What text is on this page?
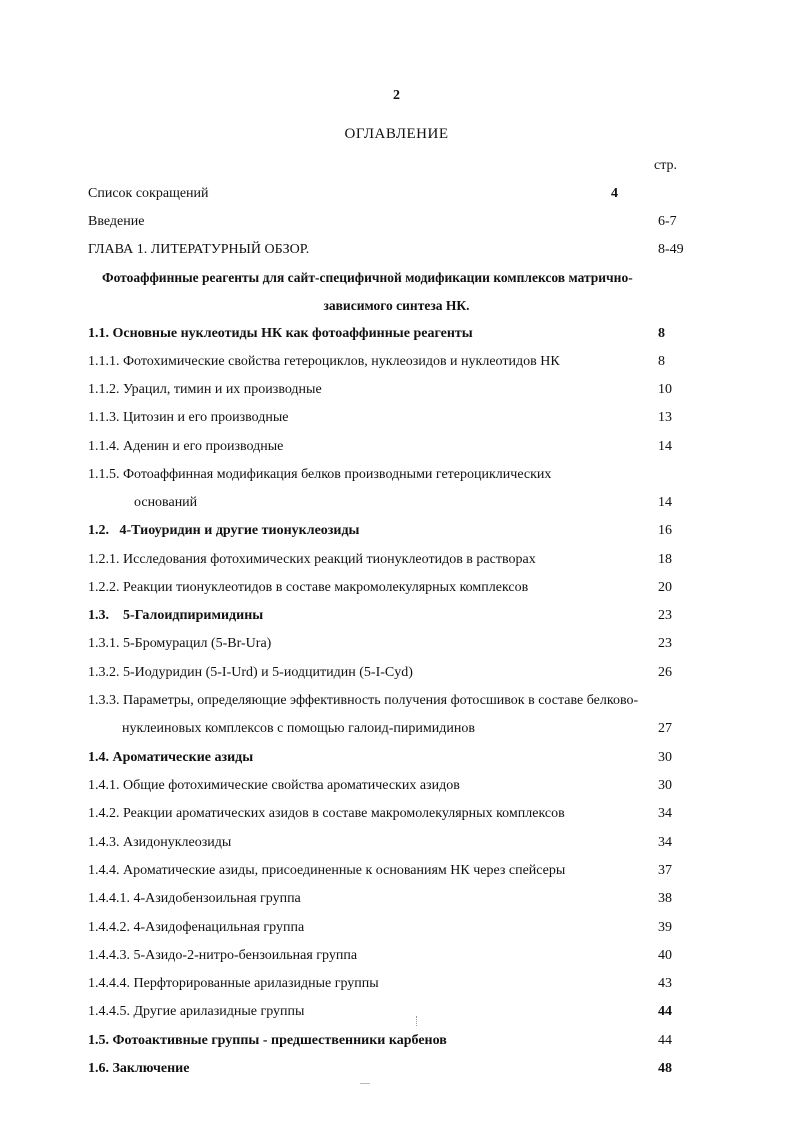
2
ОГЛАВЛЕНИЕ
стр.
Список сокращений	4
Введение	6-7
ГЛАВА 1. ЛИТЕРАТУРНЫЙ ОБЗОР.	8-49
Фотоаффинные реагенты для сайт-специфичной модификации комплексов матрично-
зависимого синтеза НК.
1.1. Основные нуклеотиды НК как фотоаффинные реагенты	8
1.1.1. Фотохимические свойства гетероциклов, нуклеозидов и нуклеотидов НК	8
1.1.2. Урацил, тимин и их производные	10
1.1.3. Цитозин и его производные	13
1.1.4. Аденин и его производные	14
1.1.5. Фотоаффинная модификация белков производными гетероциклических
оснований	14
1.2.   4-Тиоуридин и другие тионуклеозиды	16
1.2.1. Исследования фотохимических реакций тионуклеотидов в растворах	18
1.2.2. Реакции тионуклеотидов в составе макромолекулярных комплексов	20
1.3.    5-Галоидпиримидины	23
1.3.1. 5-Бромурацил (5-Br-Ura)	23
1.3.2. 5-Иодуридин (5-I-Urd) и 5-иодцитидин (5-I-Cyd)	26
1.3.3. Параметры, определяющие эффективность получения фотосшивок в составе белково-
нуклеиновых комплексов с помощью галоид-пиримидинов	27
1.4. Ароматические азиды	30
1.4.1. Общие фотохимические свойства ароматических азидов	30
1.4.2. Реакции ароматических азидов в составе макромолекулярных комплексов	34
1.4.3. Азидонуклеозиды	34
1.4.4. Ароматические азиды, присоединенные к основаниям НК через спейсеры	37
1.4.4.1. 4-Азидобензоильная группа	38
1.4.4.2. 4-Азидофенацильная группа	39
1.4.4.3. 5-Азидо-2-нитро-бензоильная группа	40
1.4.4.4. Перфторированные арилазидные группы	43
1.4.4.5. Другие арилазидные группы	44
1.5. Фотоактивные группы - предшественники карбенов	44
1.6. Заключение	48
